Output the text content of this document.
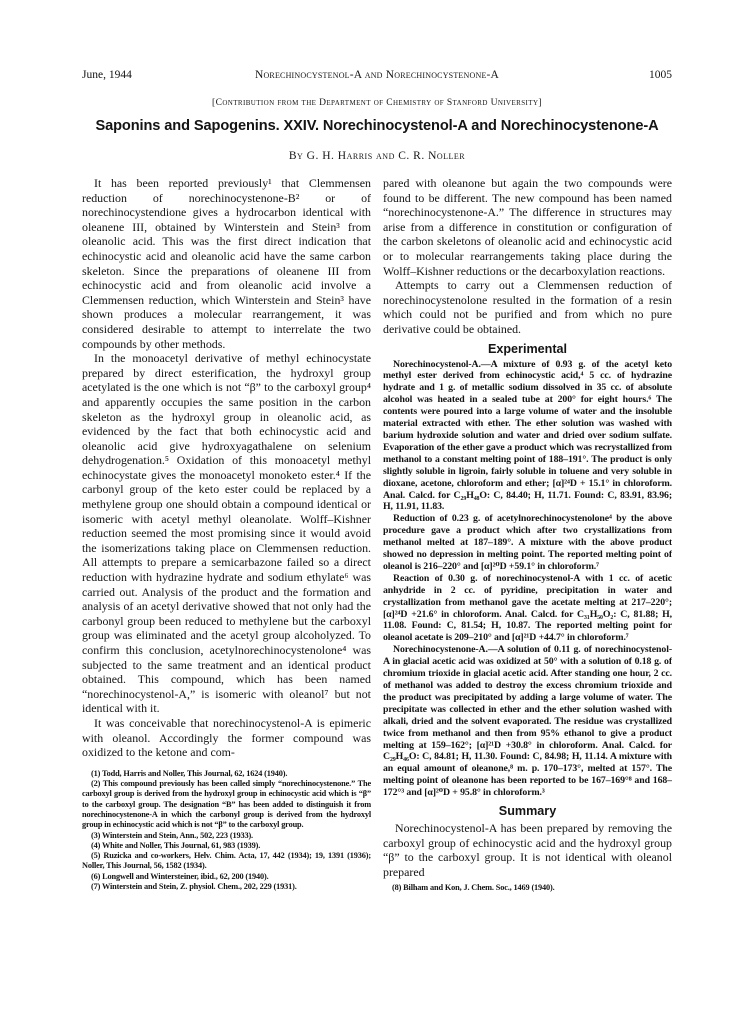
June, 1944	Norechinocystenol-A and Norechinocystenone-A	1005
[Contribution from the Department of Chemistry of Stanford University]
Saponins and Sapogenins. XXIV. Norechinocystenol-A and Norechinocystenone-A
By G. H. Harris and C. R. Noller

It has been reported previously¹ that Clemmensen reduction of norechinocystenone-B² or of norechinocystendione gives a hydrocarbon identical with oleanene III, obtained by Winterstein and Stein³ from oleanolic acid. This was the first direct indication that echinocystic acid and oleanolic acid have the same carbon skeleton. Since the preparations of oleanene III from echinocystic acid and from oleanolic acid involve a Clemmensen reduction, which Winterstein and Stein³ have shown produces a molecular rearrangement, it was considered desirable to attempt to interrelate the two compounds by other methods.

In the monoacetyl derivative of methyl echinocystate prepared by direct esterification, the hydroxyl group acetylated is the one which is not “β” to the carboxyl group⁴ and apparently occupies the same position in the carbon skeleton as the hydroxyl group in oleanolic acid, as evidenced by the fact that both echinocystic acid and oleanolic acid give hydroxyagathalene on selenium dehydrogenation.⁵ Oxidation of this monoacetyl methyl echinocystate gives the monoacetyl monoketo ester.⁴ If the carbonyl group of the keto ester could be replaced by a methylene group one should obtain a compound identical or isomeric with acetyl methyl oleanolate. Wolff–Kishner reduction seemed the most promising since it would avoid the isomerizations taking place on Clemmensen reduction. All attempts to prepare a semicarbazone failed so a direct reduction with hydrazine hydrate and sodium ethylate⁶ was carried out. Analysis of the product and the formation and analysis of an acetyl derivative showed that not only had the carbonyl group been reduced to methylene but the carboxyl group was eliminated and the acetyl group alcoholyzed. To confirm this conclusion, acetylnorechinocystenolone⁴ was subjected to the same treatment and an identical product obtained. This compound, which has been named “norechinocystenol-A,” is isomeric with oleanol⁷ but not identical with it.

It was conceivable that norechinocystenol-A is epimeric with oleanol. Accordingly the former compound was oxidized to the ketone and com-

(1) Todd, Harris and Noller, This Journal, 62, 1624 (1940).

(2) This compound previously has been called simply “norechinocystenone.” The carboxyl group is derived from the hydroxyl group in echinocystic acid which is “β” to the carboxyl group. The designation “B” has been added to distinguish it from norechinocystenone-A in which the carbonyl group is derived from the hydroxyl group in echinocystic acid which is not “β” to the carboxyl group.

(3) Winterstein and Stein, Ann., 502, 223 (1933).

(4) White and Noller, This Journal, 61, 983 (1939).

(5) Ruzicka and co-workers, Helv. Chim. Acta, 17, 442 (1934); 19, 1391 (1936); Noller, This Journal, 56, 1582 (1934).

(6) Longwell and Wintersteiner, ibid., 62, 200 (1940).

(7) Winterstein and Stein, Z. physiol. Chem., 202, 229 (1931).

pared with oleanone but again the two compounds were found to be different. The new compound has been named “norechinocystenone-A.” The difference in structures may arise from a difference in constitution or configuration of the carbon skeletons of oleanolic acid and echinocystic acid or to molecular rearrangements taking place during the Wolff–Kishner reductions or the decarboxylation reactions.

Attempts to carry out a Clemmensen reduction of norechinocystenolone resulted in the formation of a resin which could not be purified and from which no pure derivative could be obtained.

Experimental

Norechinocystenol-A.—A mixture of 0.93 g. of the acetyl keto methyl ester derived from echinocystic acid,⁴ 5 cc. of hydrazine hydrate and 1 g. of metallic sodium dissolved in 35 cc. of absolute alcohol was heated in a sealed tube at 200° for eight hours.⁶ The contents were poured into a large volume of water and the insoluble material extracted with ether. The ether solution was washed with barium hydroxide solution and water and dried over sodium sulfate. Evaporation of the ether gave a product which was recrystallized from methanol to a constant melting point of 188–191°. The product is only slightly soluble in ligroin, fairly soluble in toluene and very soluble in dioxane, acetone, chloroform and ether; [α]²⁴D + 15.1° in chloroform. Anal. Calcd. for C₂₉H₄₈O: C, 84.40; H, 11.71. Found: C, 83.91, 83.96; H, 11.91, 11.83.

Reduction of 0.23 g. of acetylnorechinocystenolone⁴ by the above procedure gave a product which after two crystallizations from methanol melted at 187–189°. A mixture with the above product showed no depression in melting point. The reported melting point of oleanol is 216–220° and [α]²⁰D +59.1° in chloroform.⁷

Reaction of 0.30 g. of norechinocystenol-A with 1 cc. of acetic anhydride in 2 cc. of pyridine, precipitation in water and crystallization from methanol gave the acetate melting at 217–220°; [α]²⁴D +21.6° in chloroform. Anal. Calcd. for C₃₁H₅₀O₂: C, 81.88; H, 11.08. Found: C, 81.54; H, 10.87. The reported melting point for oleanol acetate is 209–210° and [α]²¹D +44.7° in chloroform.⁷

Norechinocystenone-A.—A solution of 0.11 g. of norechinocystenol-A in glacial acetic acid was oxidized at 50° with a solution of 0.18 g. of chromium trioxide in glacial acetic acid. After standing one hour, 2 cc. of methanol was added to destroy the excess chromium trioxide and the product was precipitated by adding a large volume of water. The precipitate was collected in ether and the ether solution washed with alkali, dried and the solvent evaporated. The residue was crystallized twice from methanol and then from 95% ethanol to give a product melting at 159–162°; [α]²¹D +30.8° in chloroform. Anal. Calcd. for C₂₉H₄₆O: C, 84.81; H, 11.30. Found: C, 84.98; H, 11.14. A mixture with an equal amount of oleanone,⁸ m. p. 170–173°, melted at 157°. The melting point of oleanone has been reported to be 167–169°⁸ and 168–172°³ and [α]²⁰D + 95.8° in chloroform.³

Summary

Norechinocystenol-A has been prepared by removing the carboxyl group of echinocystic acid and the hydroxyl group “β” to the carboxyl group. It is not identical with oleanol prepared

(8) Bilham and Kon, J. Chem. Soc., 1469 (1940).
